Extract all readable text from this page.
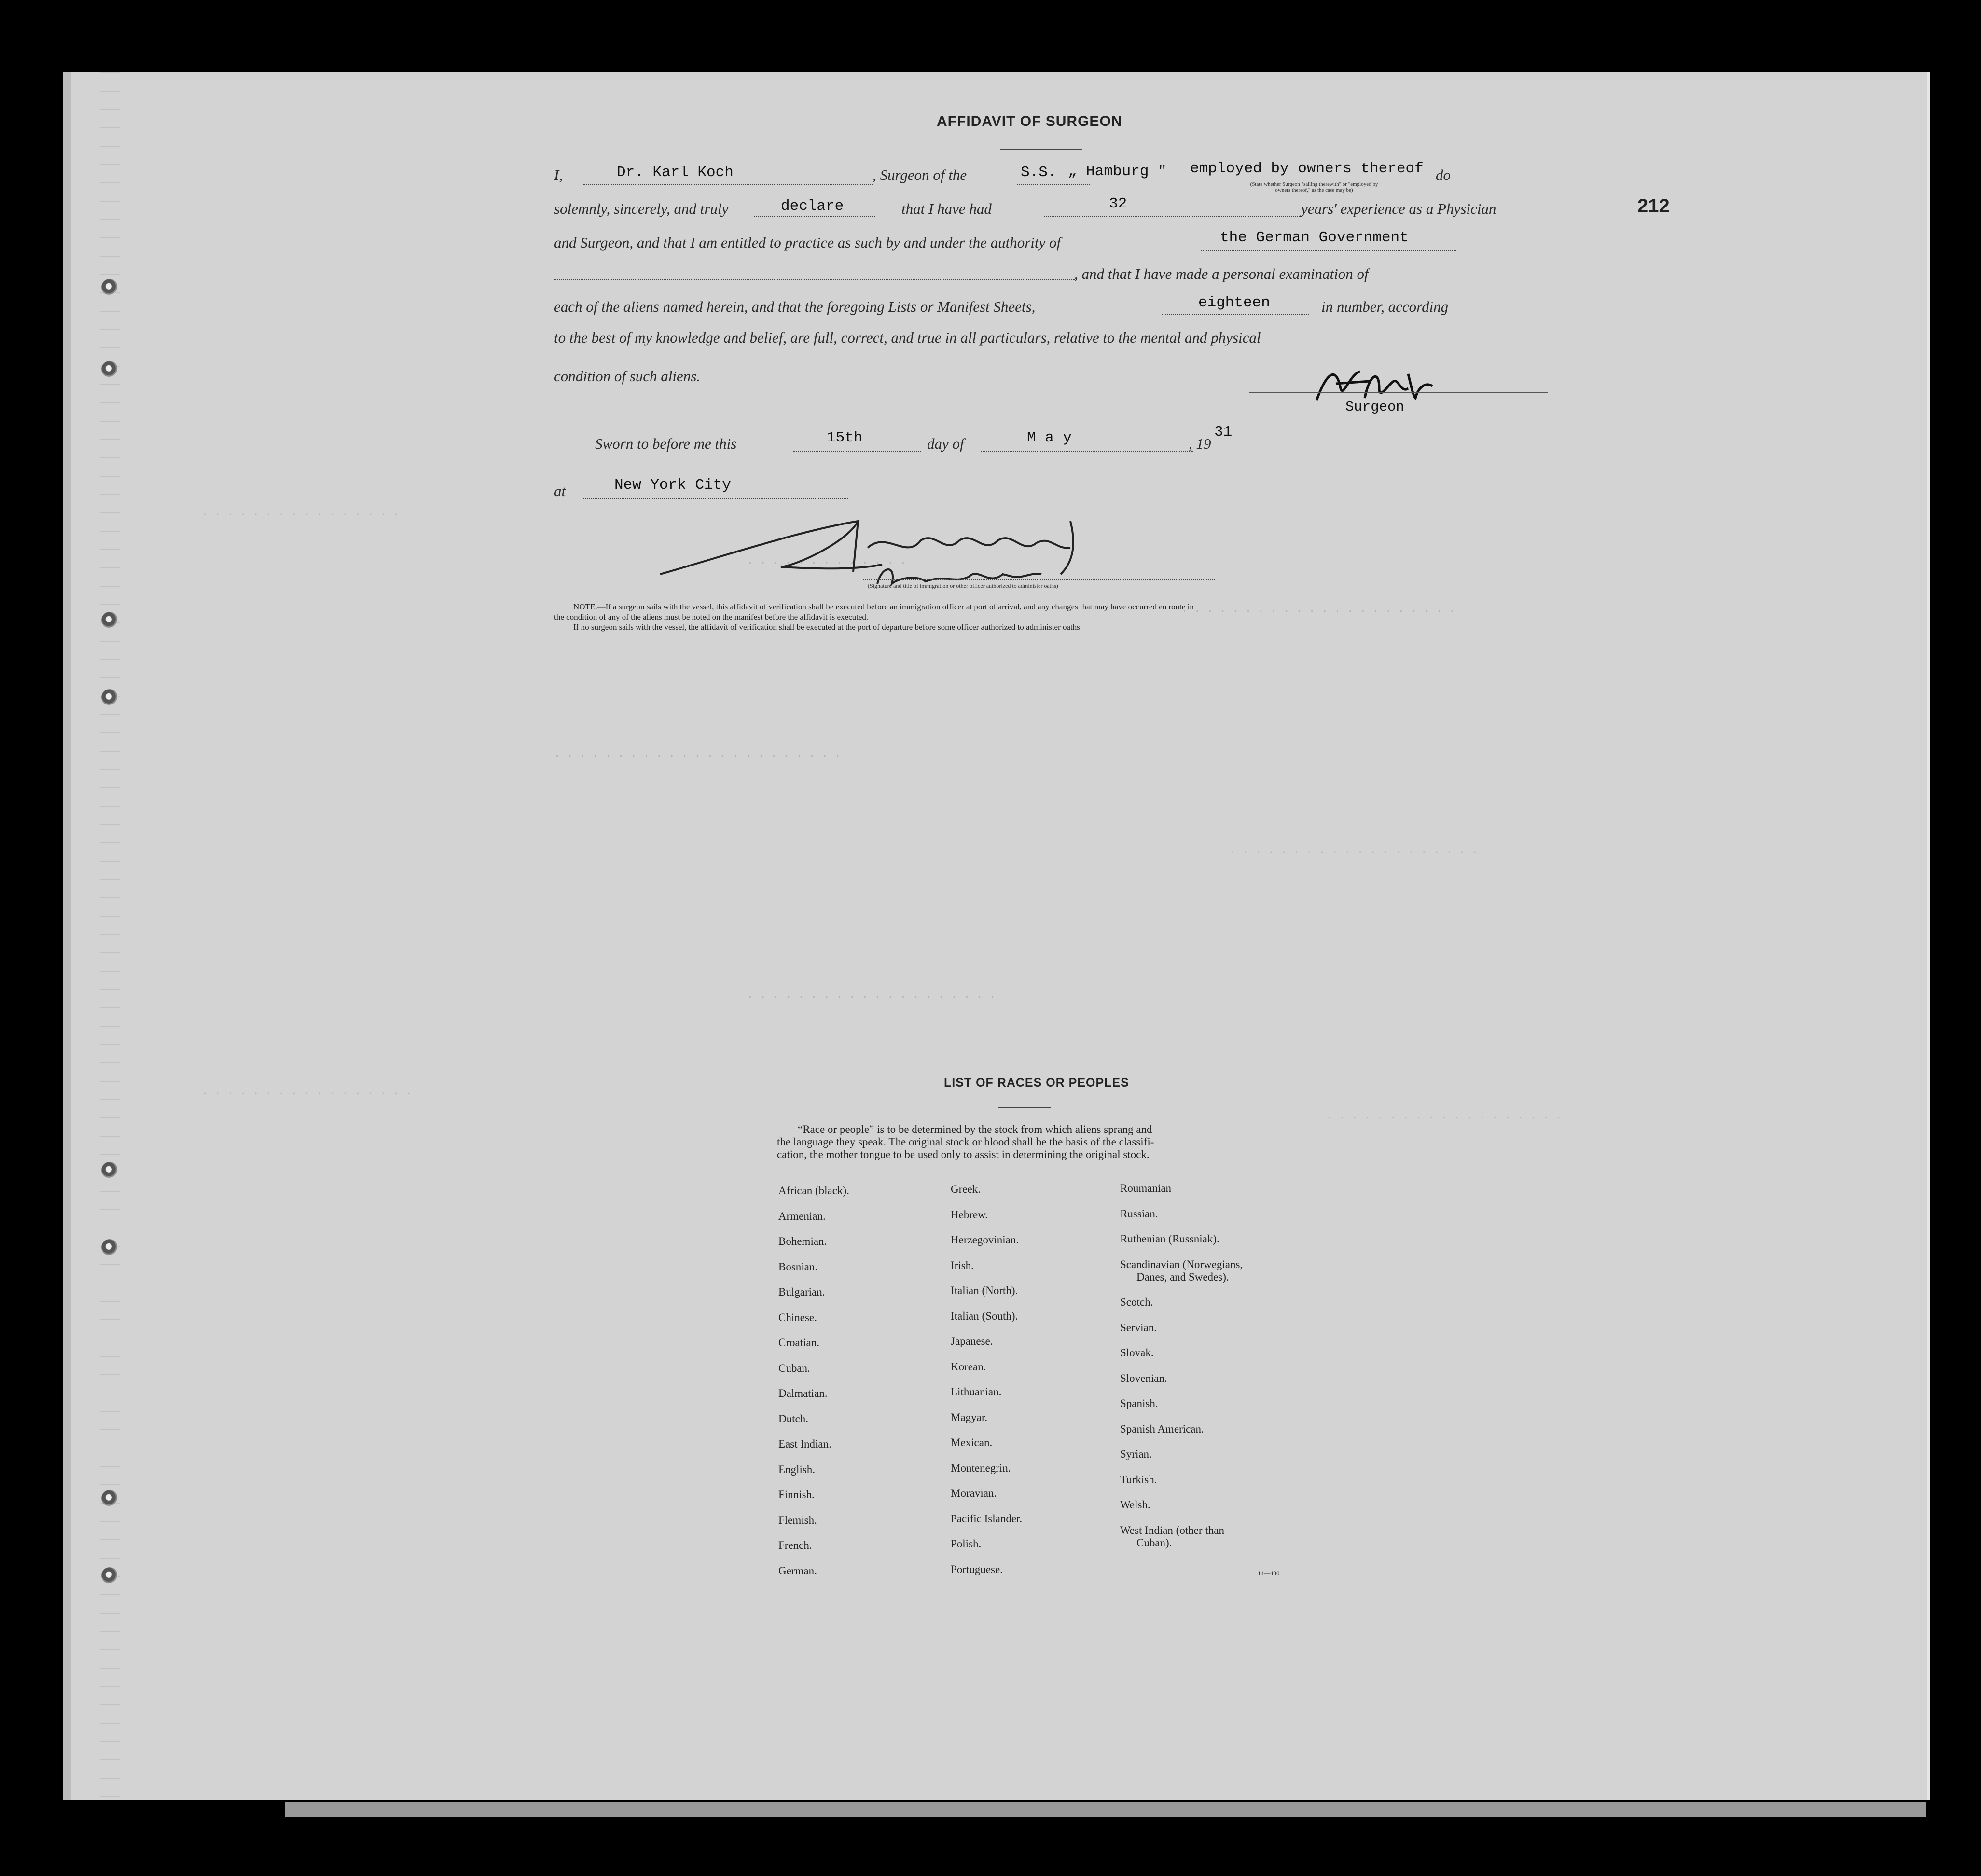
. . . . . . . . . . . . . . . .
. . . . . . . . . . . . .
. . . . . . . . . . . . . . . . . . . . . .
. . . . . . . . . . . . . . . . . . . . . . .
. . . . . . . . . . . . . . . . . . . .
. . . . . . . . . . . . . . . . . . . .
. . . . . . . . . . . . . . . . .
. . . . . . . . . . . . . . . . . . .
212
AFFIDAVIT OF SURGEON
I,	Dr. Karl Koch	, Surgeon of the	S.S. „ Hamburg " employed by owners thereof do
(State whether Surgeon "sailing therewith" or "employed by owners thereof," as the case may be)
solemnly, sincerely, and truly	declare	that I have had	32	years' experience as a Physician
and Surgeon, and that I am entitled to practice as such by and under the authority of	the German Government
, and that I have made a personal examination of
each of the aliens named herein, and that the foregoing Lists or Manifest Sheets,	eighteen	in number, according
to the best of my knowledge and belief, are full, correct, and true in all particulars, relative to the mental and physical
condition of such aliens.
Surgeon
Sworn to before me this	15th	day of	M a y	, 19
31
at	New York City
(Signature and title of immigration or other officer authorized to administer oaths)
NOTE.—If a surgeon sails with the vessel, this affidavit of verification shall be executed before an immigration officer at port of arrival, and any changes that may have occurred en route in
the condition of any of the aliens must be noted on the manifest before the affidavit is executed.
If no surgeon sails with the vessel, the affidavit of verification shall be executed at the port of departure before some officer authorized to administer oaths.
LIST OF RACES OR PEOPLES
“Race or people” is to be determined by the stock from which aliens sprang and
the language they speak. The original stock or blood shall be the basis of the classifi-
cation, the mother tongue to be used only to assist in determining the original stock.
African (black).
Armenian.
Bohemian.
Bosnian.
Bulgarian.
Chinese.
Croatian.
Cuban.
Dalmatian.
Dutch.
East Indian.
English.
Finnish.
Flemish.
French.
German.
Greek.
Hebrew.
Herzegovinian.
Irish.
Italian (North).
Italian (South).
Japanese.
Korean.
Lithuanian.
Magyar.
Mexican.
Montenegrin.
Moravian.
Pacific Islander.
Polish.
Portuguese.
Roumanian
Russian.
Ruthenian (Russniak).
Scandinavian (Norwegians,
Danes, and Swedes).
Scotch.
Servian.
Slovak.
Slovenian.
Spanish.
Spanish American.
Syrian.
Turkish.
Welsh.
West Indian (other than
Cuban).
14—430
